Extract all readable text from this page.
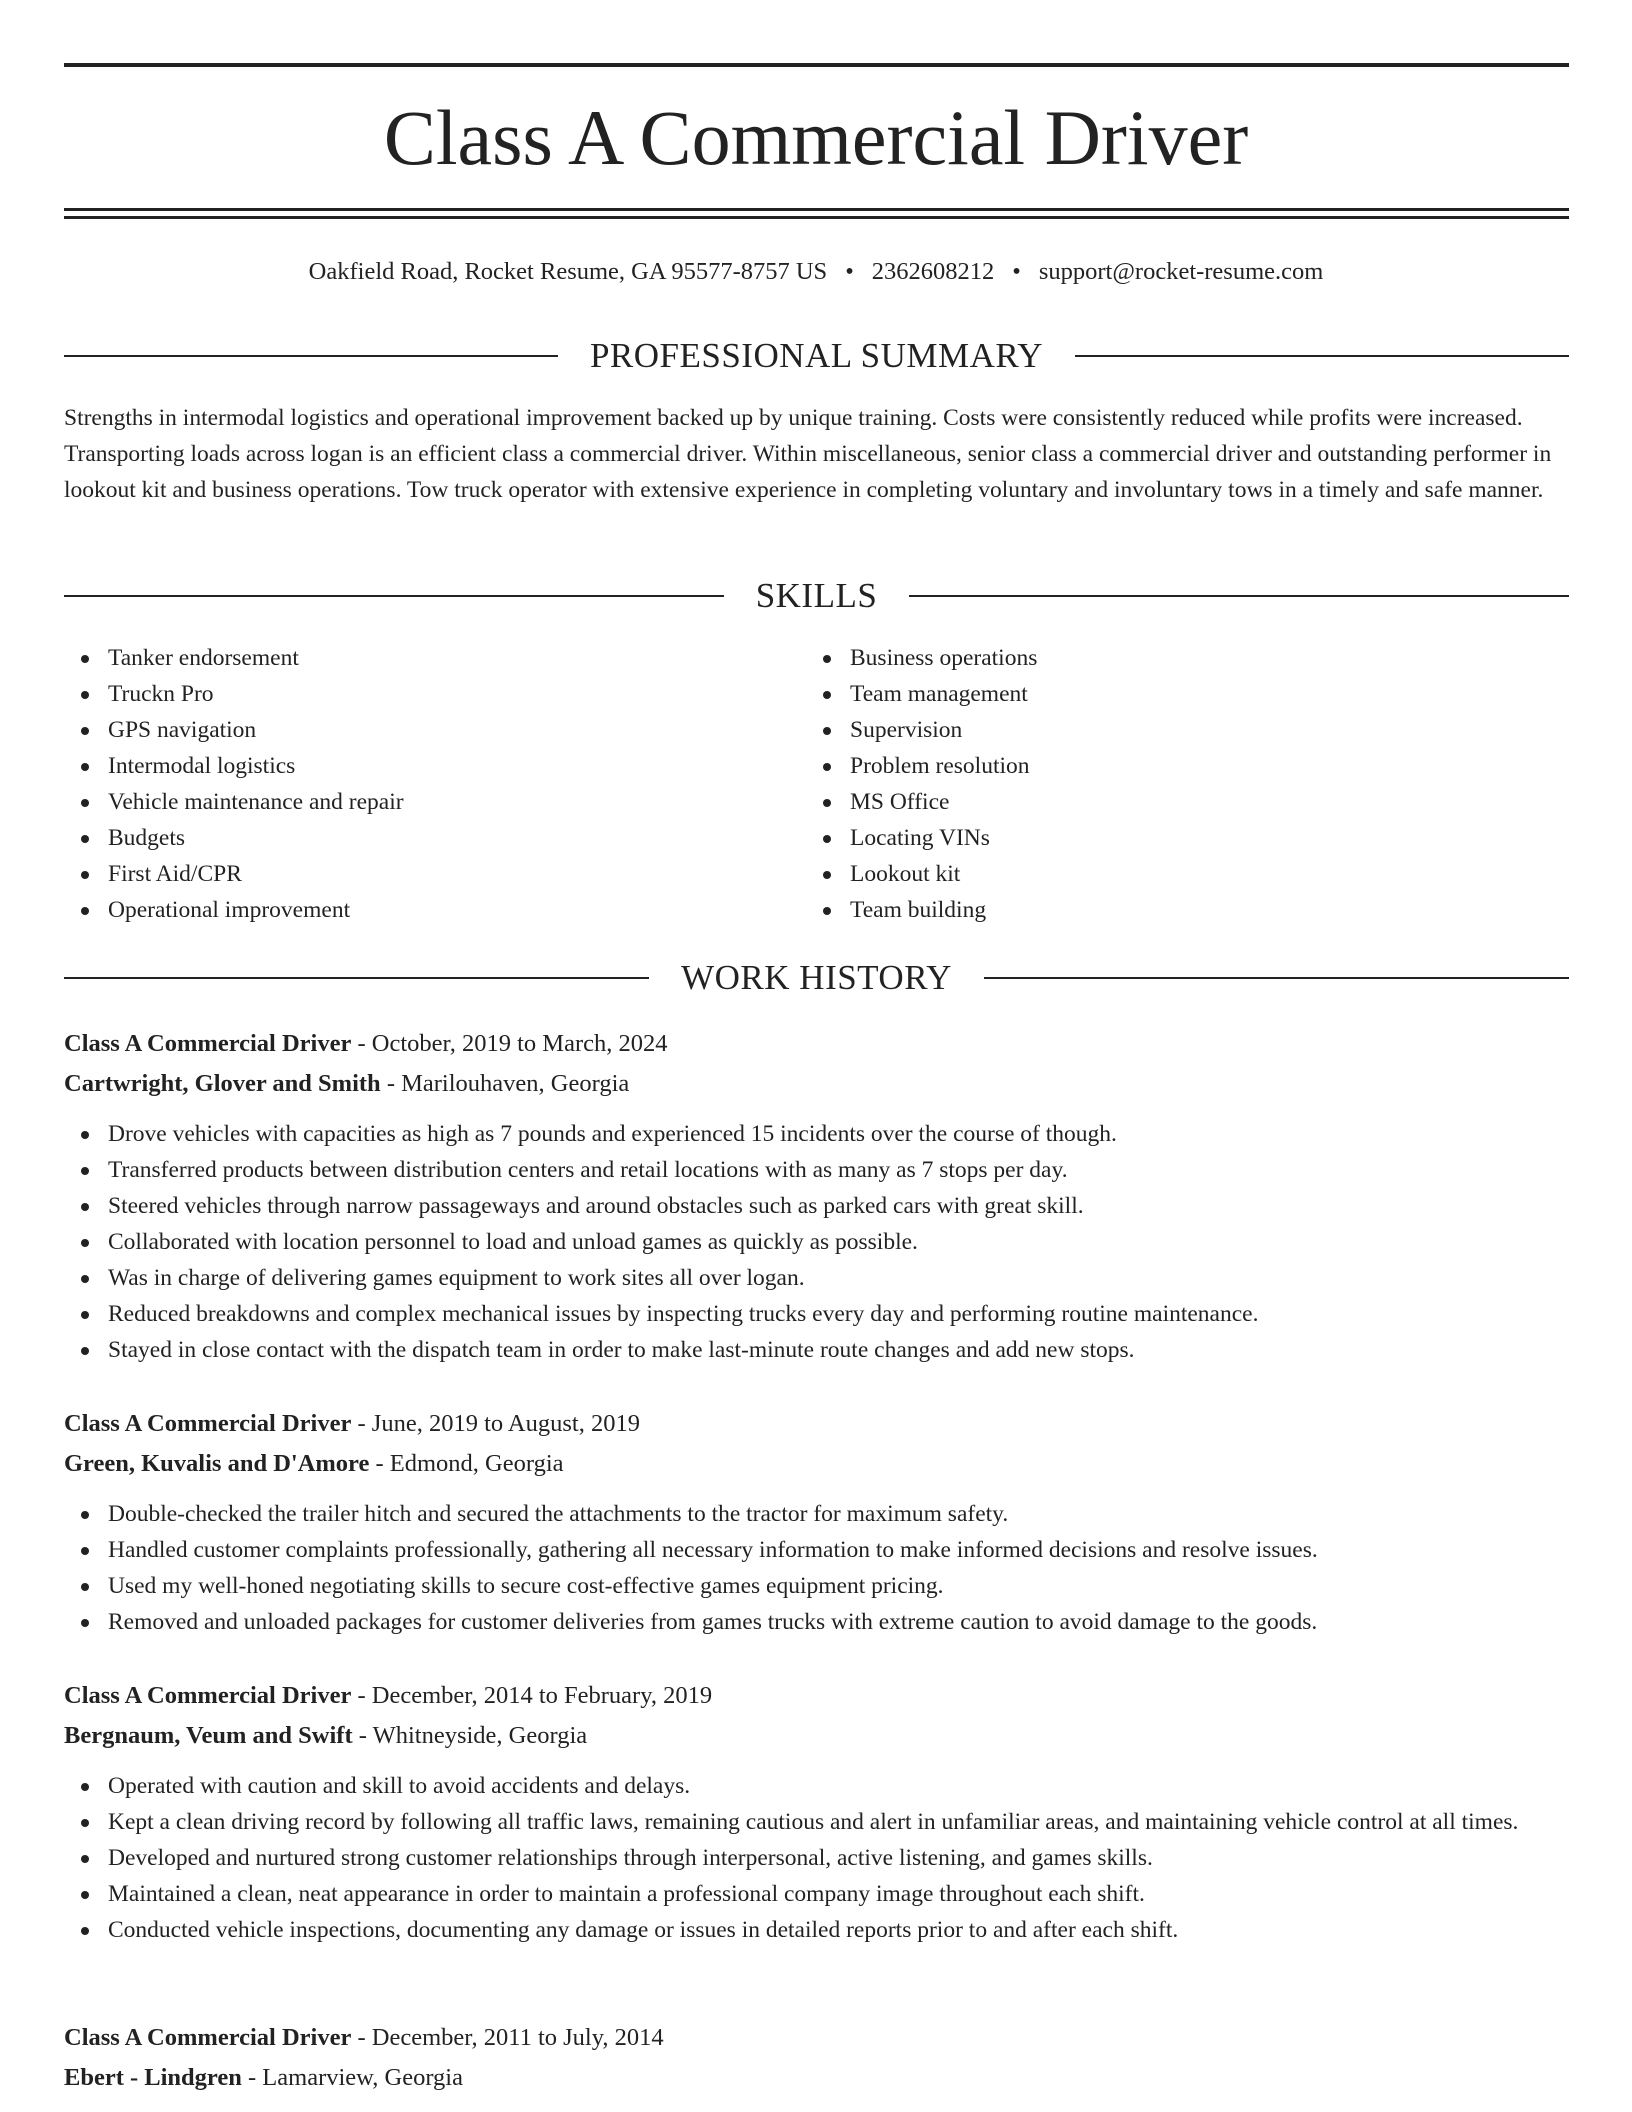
Class A Commercial Driver
Oakfield Road, Rocket Resume, GA 95577-8757 US • 2362608212 • support@rocket-resume.com
PROFESSIONAL SUMMARY

Strengths in intermodal logistics and operational improvement backed up by unique training. Costs were consistently reduced while profits were increased. Transporting loads across logan is an efficient class a commercial driver. Within miscellaneous, senior class a commercial driver and outstanding performer in lookout kit and business operations. Tow truck operator with extensive experience in completing voluntary and involuntary tows in a timely and safe manner.

SKILLS
Tanker endorsement
Truckn Pro
GPS navigation
Intermodal logistics
Vehicle maintenance and repair
Budgets
First Aid/CPR
Operational improvement
Business operations
Team management
Supervision
Problem resolution
MS Office
Locating VINs
Lookout kit
Team building
WORK HISTORY
Class A Commercial Driver - October, 2019 to March, 2024
Cartwright, Glover and Smith - Marilouhaven, Georgia
Drove vehicles with capacities as high as 7 pounds and experienced 15 incidents over the course of though.
Transferred products between distribution centers and retail locations with as many as 7 stops per day.
Steered vehicles through narrow passageways and around obstacles such as parked cars with great skill.
Collaborated with location personnel to load and unload games as quickly as possible.
Was in charge of delivering games equipment to work sites all over logan.
Reduced breakdowns and complex mechanical issues by inspecting trucks every day and performing routine maintenance.
Stayed in close contact with the dispatch team in order to make last-minute route changes and add new stops.
Class A Commercial Driver - June, 2019 to August, 2019
Green, Kuvalis and D'Amore - Edmond, Georgia
Double-checked the trailer hitch and secured the attachments to the tractor for maximum safety.
Handled customer complaints professionally, gathering all necessary information to make informed decisions and resolve issues.
Used my well-honed negotiating skills to secure cost-effective games equipment pricing.
Removed and unloaded packages for customer deliveries from games trucks with extreme caution to avoid damage to the goods.
Class A Commercial Driver - December, 2014 to February, 2019
Bergnaum, Veum and Swift - Whitneyside, Georgia
Operated with caution and skill to avoid accidents and delays.
Kept a clean driving record by following all traffic laws, remaining cautious and alert in unfamiliar areas, and maintaining vehicle control at all times.
Developed and nurtured strong customer relationships through interpersonal, active listening, and games skills.
Maintained a clean, neat appearance in order to maintain a professional company image throughout each shift.
Conducted vehicle inspections, documenting any damage or issues in detailed reports prior to and after each shift.
Class A Commercial Driver - December, 2011 to July, 2014
Ebert - Lindgren - Lamarview, Georgia
